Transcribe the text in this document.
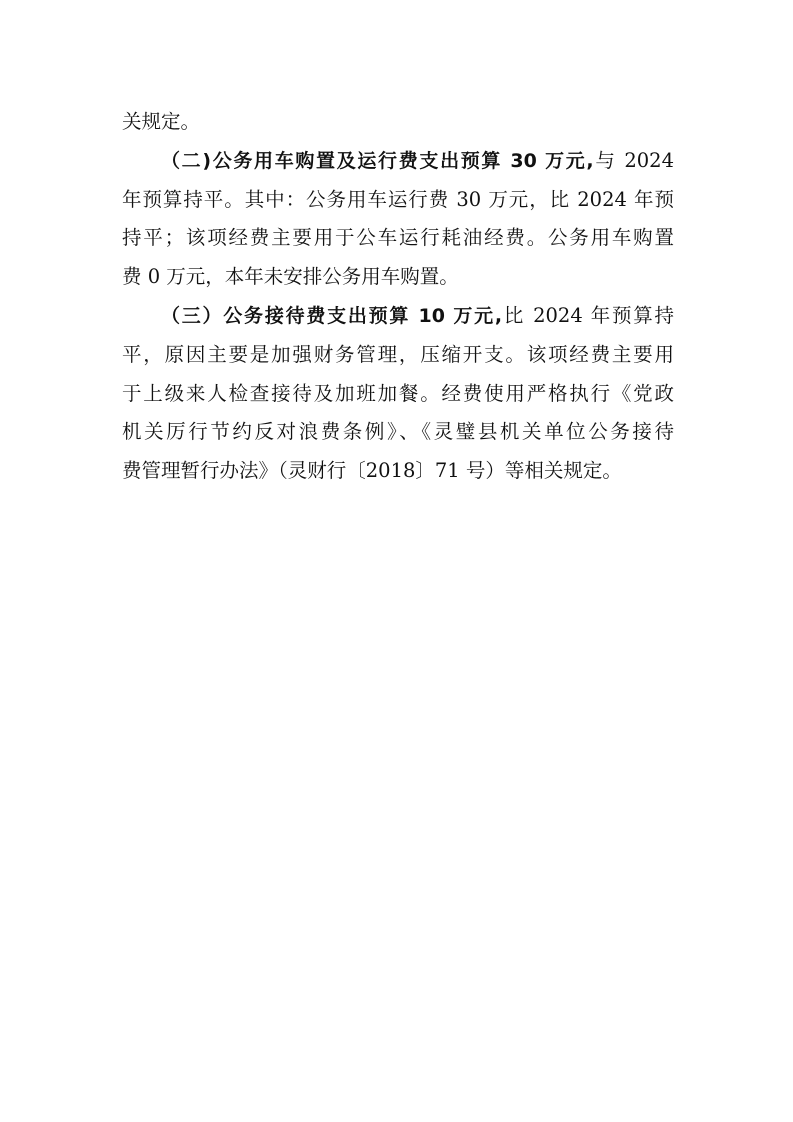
关规定。
（二)公务用车购置及运行费支出预算 30 万元,与 2024
年预算持平。其中：公务用车运行费 30 万元，比 2024 年预
持平；该项经费主要用于公车运行耗油经费。公务用车购置
费 0 万元，本年未安排公务用车购置。
（三）公务接待费支出预算 10 万元,比 2024 年预算持
平，原因主要是加强财务管理，压缩开支。该项经费主要用
于上级来人检查接待及加班加餐。经费使用严格执行《党政
机关厉行节约反对浪费条例》、《灵璧县机关单位公务接待
费管理暂行办法》（灵财行〔2018〕71 号）等相关规定。
